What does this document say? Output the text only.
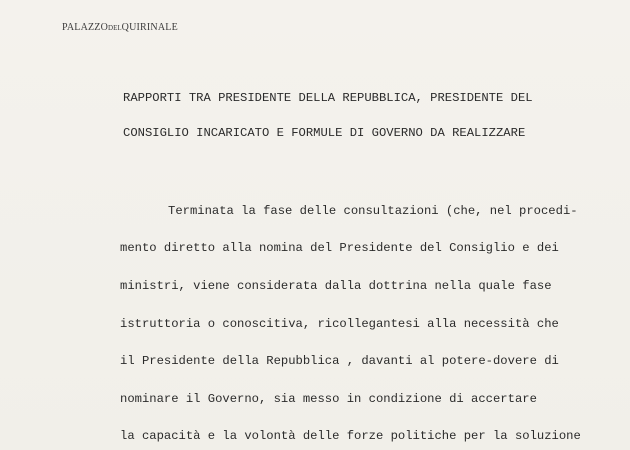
PALAZZODELQUIRINALE
RAPPORTI TRA PRESIDENTE DELLA REPUBBLICA, PRESIDENTE DEL
CONSIGLIO INCARICATO E FORMULE DI GOVERNO DA REALIZZARE
Terminata la fase delle consultazioni (che, nel procedi-
mento diretto alla nomina del Presidente del Consiglio e dei
ministri, viene considerata dalla dottrina nella quale fase
istruttoria o conoscitiva, ricollegantesi alla necessità che
il Presidente della Repubblica , davanti al potere-dovere di
nominare il Governo, sia messo in condizione di accertare
la capacità e la volontà delle forze politiche per la soluzione
